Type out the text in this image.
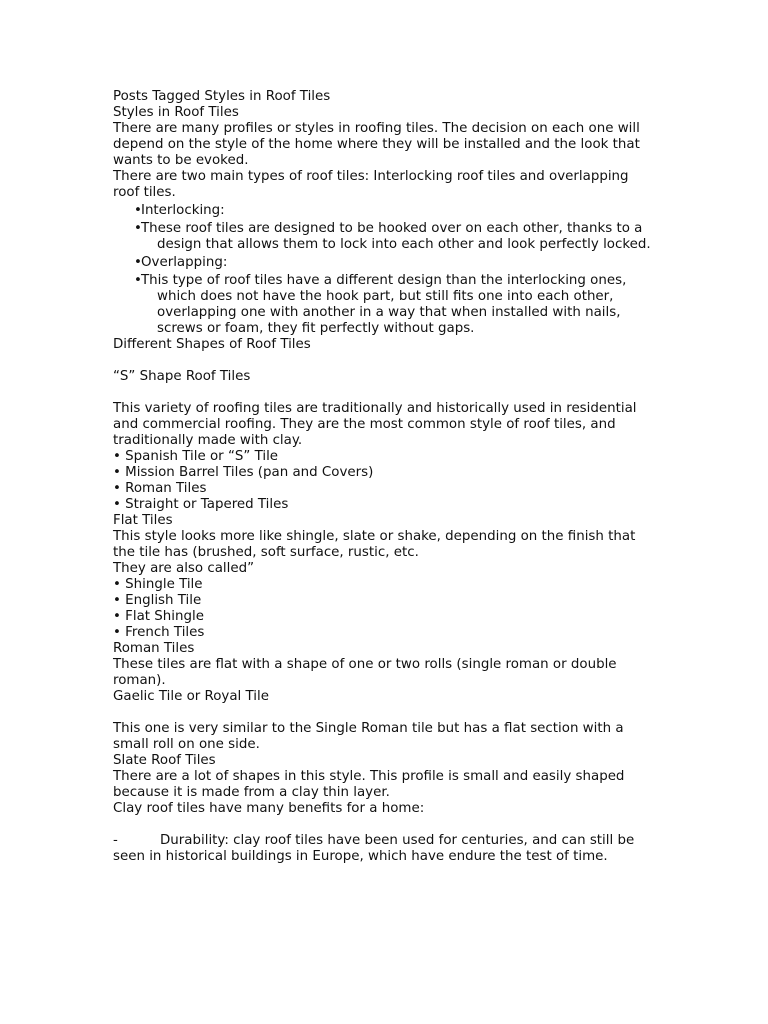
Posts Tagged Styles in Roof Tiles

Styles in Roof Tiles

There are many profiles or styles in roofing tiles. The decision on each one will depend on the style of the home where they will be installed and the look that wants to be evoked.

There are two main types of roof tiles: Interlocking roof tiles and overlapping roof tiles.

•Interlocking:
•These roof tiles are designed to be hooked over on each other, thanks to a design that allows them to lock into each other and look perfectly locked.
•Overlapping:
•This type of roof tiles have a different design than the interlocking ones, which does not have the hook part, but still fits one into each other, overlapping one with another in a way that when installed with nails, screws or foam, they fit perfectly without gaps.

Different Shapes of Roof Tiles

“S” Shape Roof Tiles

This variety of roofing tiles are traditionally and historically used in residential and commercial roofing. They are the most common style of roof tiles, and traditionally made with clay.

• Spanish Tile or “S” Tile

• Mission Barrel Tiles (pan and Covers)

• Roman Tiles

• Straight or Tapered Tiles

Flat Tiles

This style looks more like shingle, slate or shake, depending on the finish that the tile has (brushed, soft surface, rustic, etc.

They are also called”

• Shingle Tile

• English Tile

• Flat Shingle

• French Tiles

Roman Tiles

These tiles are flat with a shape of one or two rolls (single roman or double roman).

Gaelic Tile or Royal Tile

This one is very similar to the Single Roman tile but has a flat section with a small roll on one side.

Slate Roof Tiles

There are a lot of shapes in this style. This profile is small and easily shaped because it is made from a clay thin layer.

Clay roof tiles have many benefits for a home:

-	Durability: clay roof tiles have been used for centuries, and can still be seen in historical buildings in Europe, which have endure the test of time.
